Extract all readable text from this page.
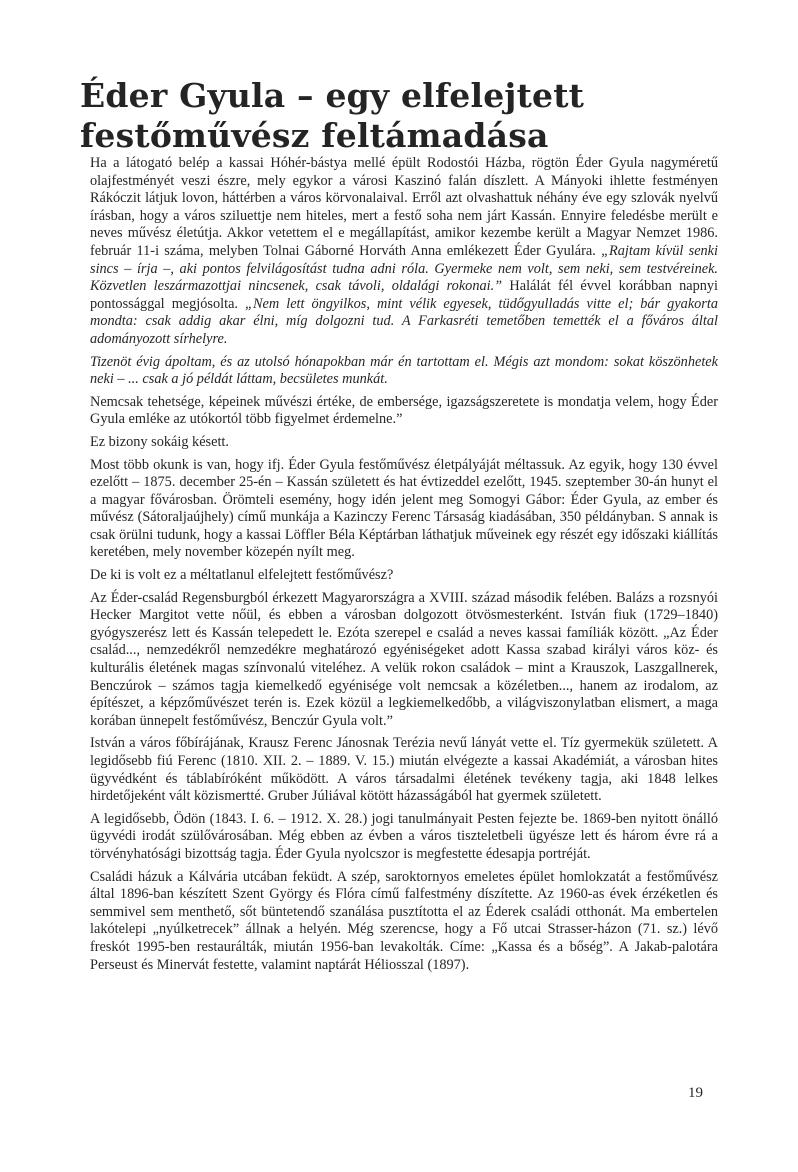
Éder Gyula – egy elfelejtett festőművész feltámadása

Ha a látogató belép a kassai Hóhér-bástya mellé épült Rodostói Házba, rögtön Éder Gyula nagyméretű olajfestményét veszi észre, mely egykor a városi Kaszinó falán díszlett. A Mányoki ihlette festményen Rákóczit látjuk lovon, háttérben a város körvonalaival. Erről azt olvashattuk néhány éve egy szlovák nyelvű írásban, hogy a város sziluettje nem hiteles, mert a festő soha nem járt Kassán. Ennyire feledésbe merült e neves művész életútja. Akkor vetettem el e megállapítást, amikor kezembe került a Magyar Nemzet 1986. február 11-i száma, melyben Tolnai Gáborné Horváth Anna emlékezett Éder Gyulára. „Rajtam kívül senki sincs – írja –, aki pontos felvilágosítást tudna adni róla. Gyermeke nem volt, sem neki, sem testvéreinek. Közvetlen leszármazottjai nincsenek, csak távoli, oldalági rokonai.” Halálát fél évvel korábban napnyi pontossággal megjósolta. „Nem lett öngyilkos, mint vélik egyesek, tüdőgyulladás vitte el; bár gyakorta mondta: csak addig akar élni, míg dolgozni tud. A Farkasréti temetőben temették el a főváros által adományozott sírhelyre.

Tizenöt évig ápoltam, és az utolsó hónapokban már én tartottam el. Mégis azt mondom: sokat köszönhetek neki – ... csak a jó példát láttam, becsületes munkát.

Nemcsak tehetsége, képeinek művészi értéke, de embersége, igazságszeretete is mondatja velem, hogy Éder Gyula emléke az utókortól több figyelmet érdemelne.”

Ez bizony sokáig késett.

Most több okunk is van, hogy ifj. Éder Gyula festőművész életpályáját méltassuk. Az egyik, hogy 130 évvel ezelőtt – 1875. december 25-én – Kassán született és hat évtizeddel ezelőtt, 1945. szeptember 30-án hunyt el a magyar fővárosban. Örömteli esemény, hogy idén jelent meg Somogyi Gábor: Éder Gyula, az ember és művész (Sátoraljaújhely) című munkája a Kazinczy Ferenc Társaság kiadásában, 350 példányban. S annak is csak örülni tudunk, hogy a kassai Löffler Béla Képtárban láthatjuk műveinek egy részét egy időszaki kiállítás keretében, mely november közepén nyílt meg.

De ki is volt ez a méltatlanul elfelejtett festőművész?

Az Éder-család Regensburgból érkezett Magyarországra a XVIII. század második felében. Balázs a rozsnyói Hecker Margitot vette nőül, és ebben a városban dolgozott ötvösmesterként. István fiuk (1729–1840) gyógyszerész lett és Kassán telepedett le. Ezóta szerepel e család a neves kassai famíliák között. „Az Éder család..., nemzedékről nemzedékre meghatározó egyéniségeket adott Kassa szabad királyi város köz- és kulturális életének magas színvonalú viteléhez. A velük rokon családok – mint a Krauszok, Laszgallnerek, Benczúrok – számos tagja kiemelkedő egyénisége volt nemcsak a közéletben..., hanem az irodalom, az építészet, a képzőművészet terén is. Ezek közül a legkiemelkedőbb, a világviszonylatban elismert, a maga korában ünnepelt festőművész, Benczúr Gyula volt.”

István a város főbírájának, Krausz Ferenc Jánosnak Terézia nevű lányát vette el. Tíz gyermekük született. A legidősebb fiú Ferenc (1810. XII. 2. – 1889. V. 15.) miután elvégezte a kassai Akadémiát, a városban hites ügyvédként és táblabíróként működött. A város társadalmi életének tevékeny tagja, aki 1848 lelkes hirdetőjeként vált közismertté. Gruber Júliával kötött házasságából hat gyermek született.

A legidősebb, Ödön (1843. I. 6. – 1912. X. 28.) jogi tanulmányait Pesten fejezte be. 1869-ben nyitott önálló ügyvédi irodát szülővárosában. Még ebben az évben a város tiszteletbeli ügyésze lett és három évre rá a törvényhatósági bizottság tagja. Éder Gyula nyolcszor is megfestette édesapja portréját.

Családi házuk a Kálvária utcában feküdt. A szép, saroktornyos emeletes épület homlokzatát a festőművész által 1896-ban készített Szent György és Flóra című falfestmény díszítette. Az 1960-as évek érzéketlen és semmivel sem menthető, sőt büntetendő szanálása pusztította el az Éderek családi otthonát. Ma embertelen lakótelepi „nyúlketrecek” állnak a helyén. Még szerencse, hogy a Fő utcai Strasser-házon (71. sz.) lévő freskót 1995-ben restaurálták, miután 1956-ban levakolták. Címe: „Kassa és a bőség”. A Jakab-palotára Perseust és Minervát festette, valamint naptárát Héliosszal (1897).

19
